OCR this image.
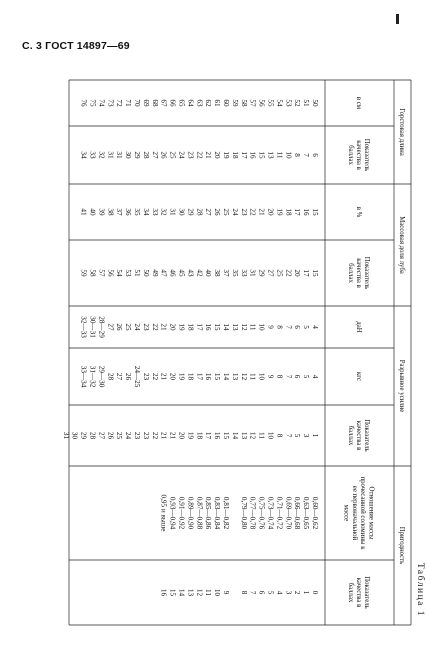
С. 3 ГОСТ 14897—69
Таблица 1
Горстовая длина
Массовая доля луба
Разрывное усилие
Пригодность
в см
Показателькачества вбаллах
в %
Показателькачества вбаллах
даН
кгс
Показателькачества вбаллах
Отношение массыпрочесанной соломины кее первоначальноймассе
Показателькачества вбаллах
50
51
52
53
54
55
56
57
58
59
60
61
62
63
64
65
66
67
68
69
70
71
72
73
74
75
76
6
7
8
10
11
13
15
16
17
18
19
20
21
22
23
24
25
26
27
28
29
30
31
31
32
33
34
15
16
17
18
19
20
21
22
23
24
25
26
27
28
29
30
31
32
33
34
35
36
37
38
39
40
41
15
17
20
22
25
27
29
31
33
35
37
38
40
42
43
45
46
47
49
50
51
53
54
56
57
58
59
4
5
6
7
8
9
10
11
12
13
14
15
16
17
18
19
20
21
22
23
24
25
26
27
28—29
30—31
32—33
4
5
6
7
8
9
10
11
12
13
14
15
16
17
18
19
20
21
22
23
24—25
26
27
28
29—30
31—32
33—34
1
3
5
7
8
10
11
12
13
14
15
16
17
18
19
20
21
21
22
23
23
24
25
26
27
28
29
30
31
0,60—0,62
0,63—0,65
0,66—0,68
0,69—0,70
0,71—0,72
0,73—0,74
0,75—0,76
0,77—0,78
0,79—0,80
0,81—0,82
0,83—0,84
0,85—0,86
0,87—0,88
0,89—0,90
0,91—0,92
0,93—0,94
0,95 и выше
0
1
2
3
4
5
6
7
8
9
10
11
12
13
14
15
16
